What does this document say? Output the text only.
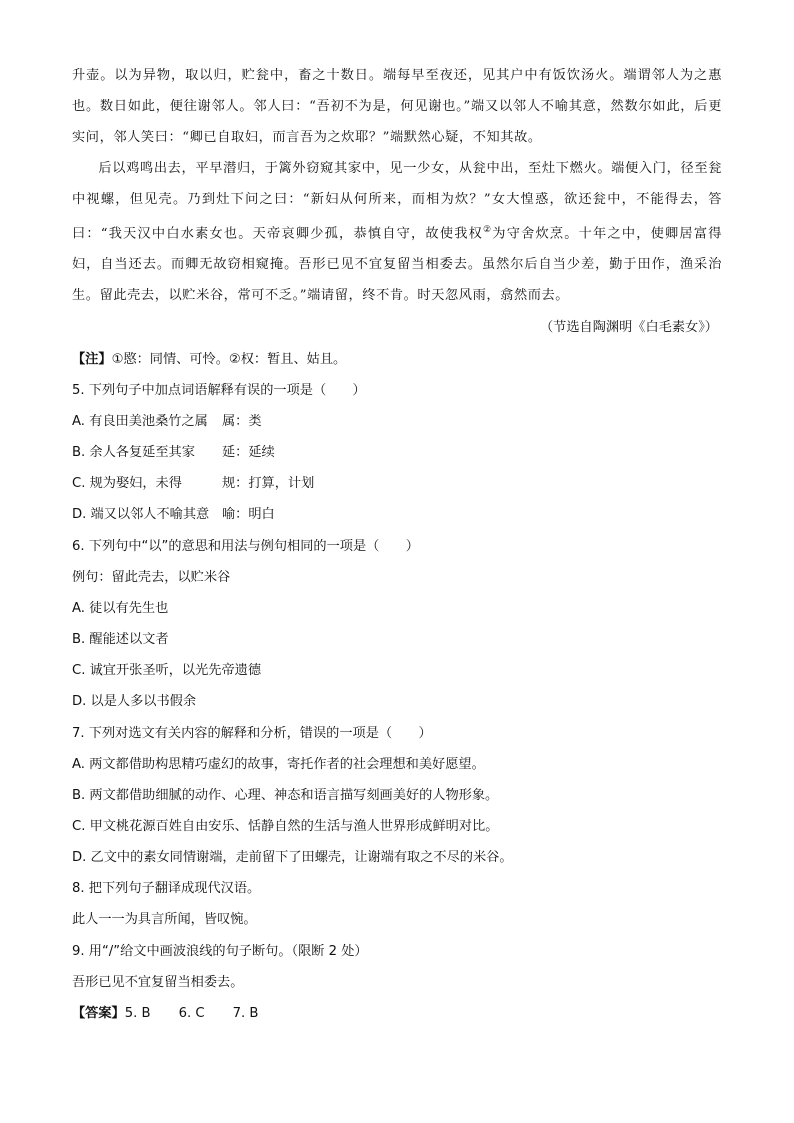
升壶。以为异物，取以归，贮瓮中，畜之十数日。端每早至夜还，见其户中有饭饮汤火。端谓邻人为之惠也。数日如此，便往谢邻人。邻人曰：“吾初不为是，何见谢也。”端又以邻人不喻其意，然数尔如此，后更实问，邻人笑曰：“卿已自取妇，而言吾为之炊耶？”端默然心疑，不知其故。

后以鸡鸣出去，平早潜归，于篱外窃窥其家中，见一少女，从瓮中出，至灶下燃火。端便入门，径至瓮中视螺，但见壳。乃到灶下问之曰：“新妇从何所来，而相为炊？”女大惶惑，欲还瓮中，不能得去，答曰：“我天汉中白水素女也。天帝哀卿少孤，恭慎自守，故使我权②为守舍炊烹。十年之中，使卿居富得妇，自当还去。而卿无故窃相窥掩。吾形已见不宜复留当相委去。虽然尔后自当少差，勤于田作，渔采治生。留此壳去，以贮米谷，常可不乏。”端请留，终不肯。时天忽风雨，翕然而去。

（节选自陶渊明《白毛素女》）
【注】①愍：同情、可怜。②权：暂且、姑且。
5. 下列句子中加点词语解释有误的一项是（　　）
A. 有良田美池桑竹之属 属：类
B. 余人各复延至其家 延：延续
C. 规为娶妇，未得	规：打算，计划
D. 端又以邻人不喻其意 喻：明白
6. 下列句中“以”的意思和用法与例句相同的一项是（　　）
例句：留此壳去，以贮米谷
A. 徒以有先生也
B. 醒能述以文者
C. 诚宜开张圣听，以光先帝遗德
D. 以是人多以书假余
7. 下列对选文有关内容的解释和分析，错误的一项是（　　）
A. 两文都借助构思精巧虚幻的故事，寄托作者的社会理想和美好愿望。
B. 两文都借助细腻的动作、心理、神态和语言描写刻画美好的人物形象。
C. 甲文桃花源百姓自由安乐、恬静自然的生活与渔人世界形成鲜明对比。
D. 乙文中的素女同情谢端，走前留下了田螺壳，让谢端有取之不尽的米谷。
8. 把下列句子翻译成现代汉语。
此人一一为具言所闻，皆叹惋。
9. 用“/”给文中画波浪线的句子断句。（限断 2 处）
吾形已见不宜复留当相委去。
【答案】5. B 6. C 7. B
